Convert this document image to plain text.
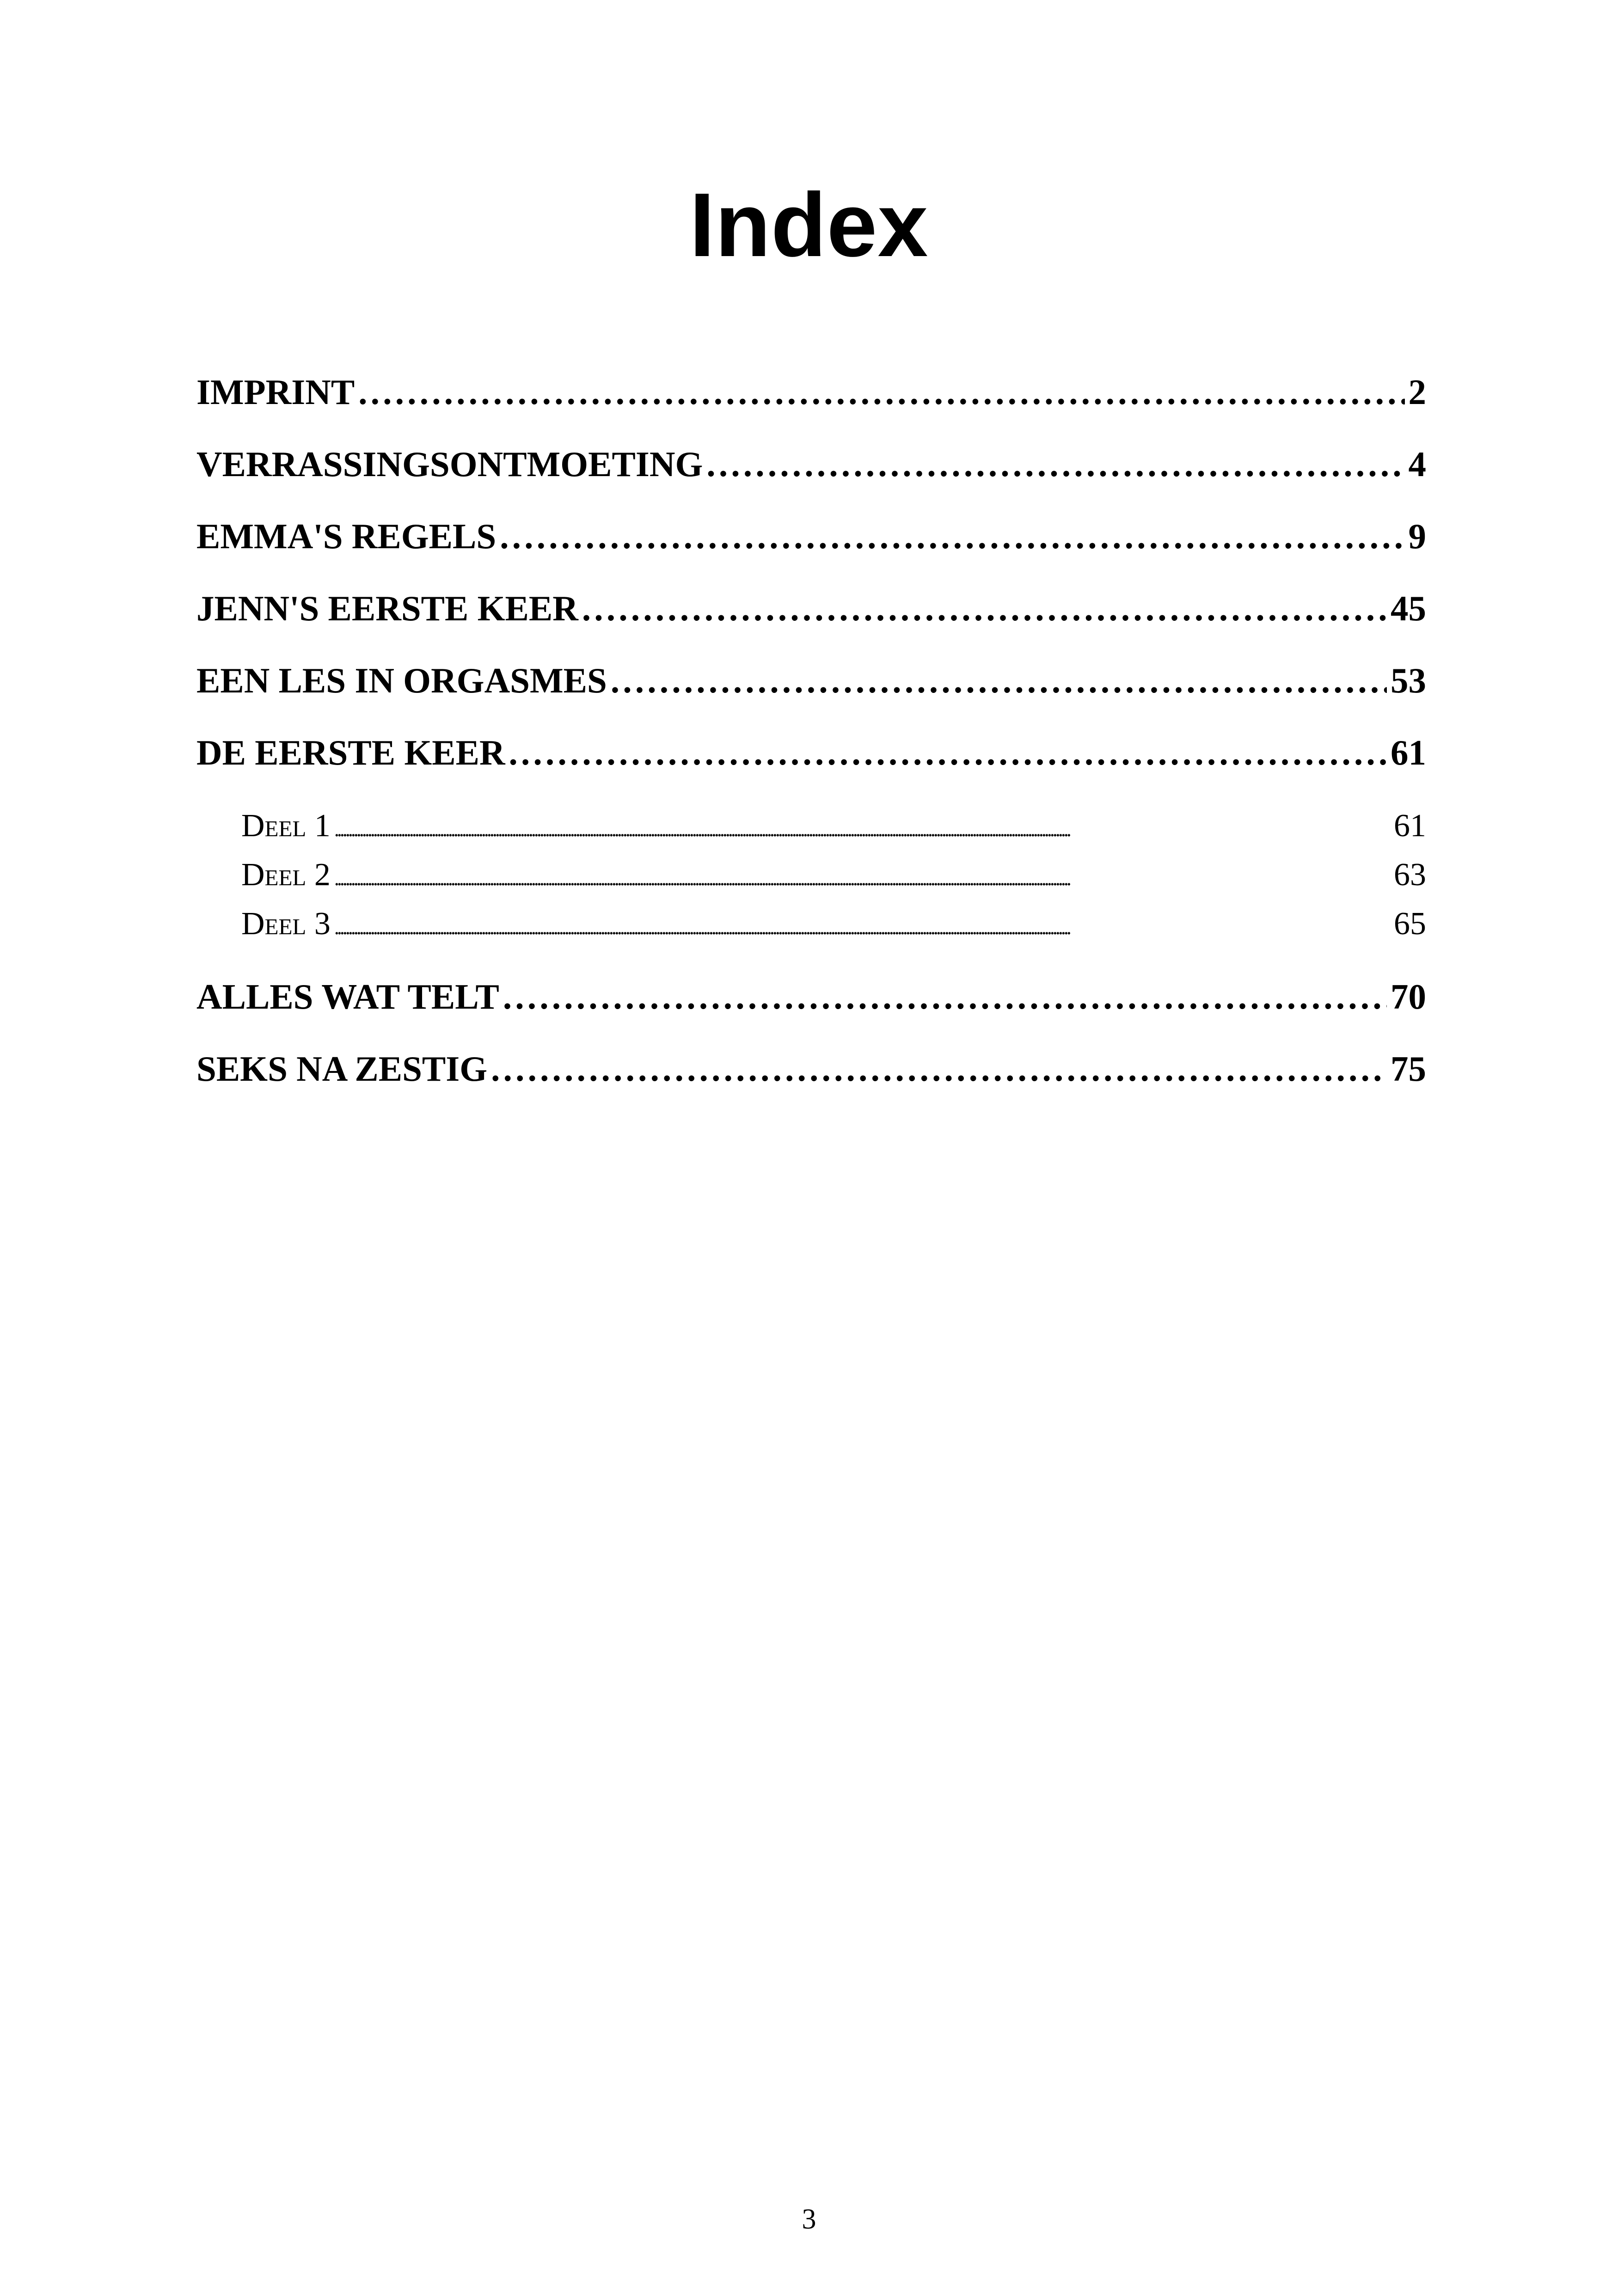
Index
IMPRINT . . .	2
VERRASSINGSONTMOETING . . .	4
EMMA'S REGELS . . .	9
JENN'S EERSTE KEER . . .	45
EEN LES IN ORGASMES . . .	53
DE EERSTE KEER . . .	61
Deel 1 . . .	61
Deel 2 . . .	63
Deel 3 . . .	65
ALLES WAT TELT . . .	70
SEKS NA ZESTIG . . .	75
3
